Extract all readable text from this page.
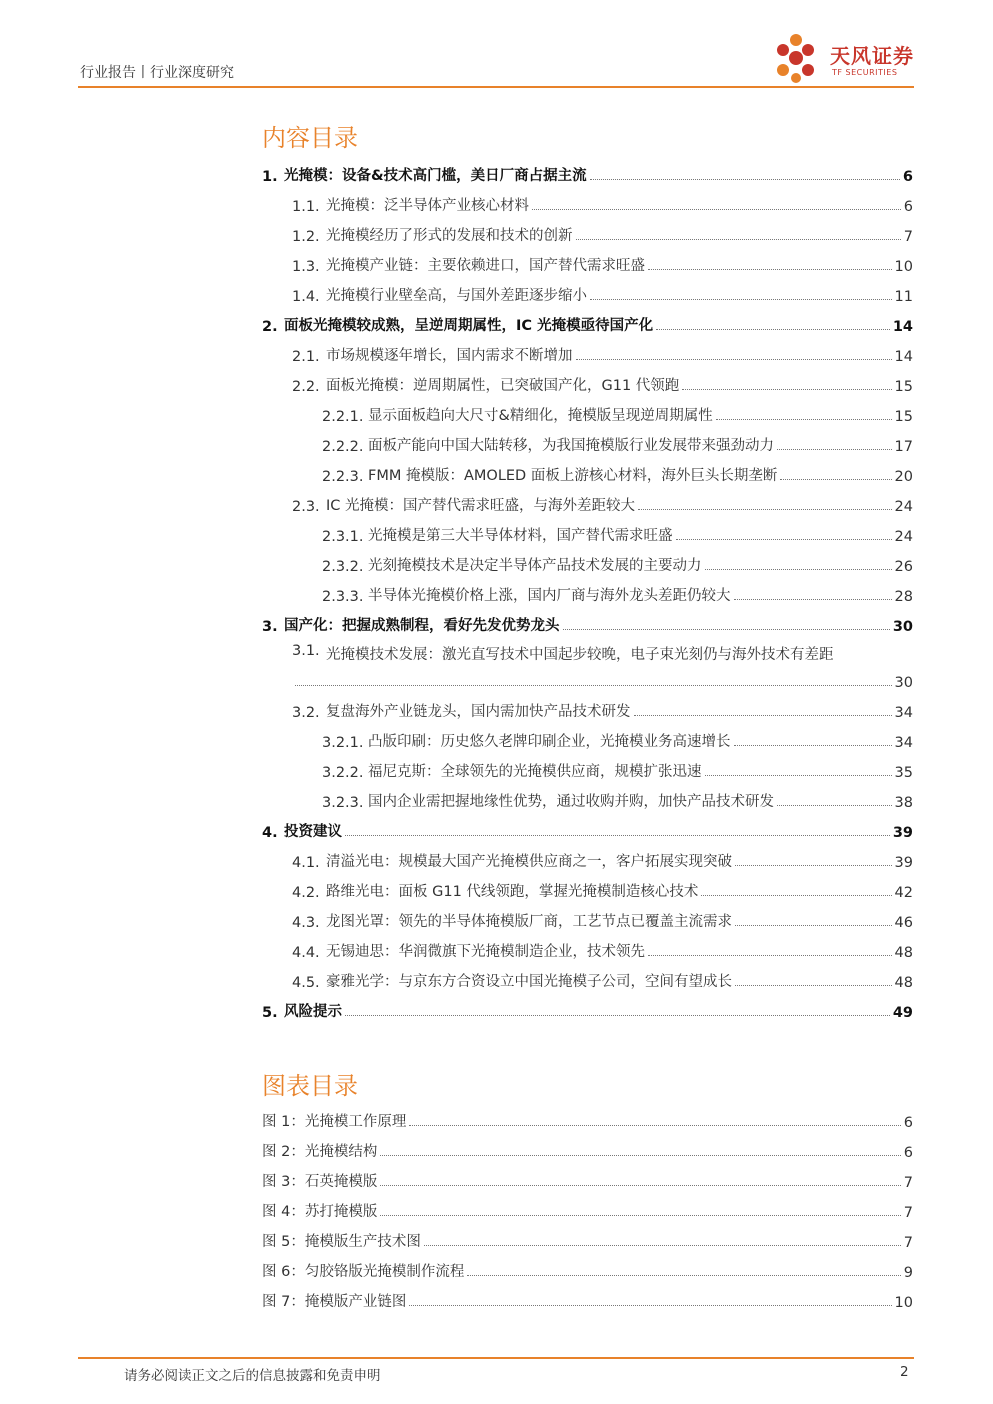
行业报告丨行业深度研究
天风证券
TF SECURITIES
内容目录
1. 光掩模：设备&技术高门槛，美日厂商占据主流	6
1.1. 光掩模：泛半导体产业核心材料	6
1.2. 光掩模经历了形式的发展和技术的创新	7
1.3. 光掩模产业链：主要依赖进口，国产替代需求旺盛	10
1.4. 光掩模行业壁垒高，与国外差距逐步缩小	11
2. 面板光掩模较成熟，呈逆周期属性，IC 光掩模亟待国产化	14
2.1. 市场规模逐年增长，国内需求不断增加	14
2.2. 面板光掩模：逆周期属性，已突破国产化，G11 代领跑	15
2.2.1. 显示面板趋向大尺寸&精细化，掩模版呈现逆周期属性	15
2.2.2. 面板产能向中国大陆转移，为我国掩模版行业发展带来强劲动力	17
2.2.3. FMM 掩模版：AMOLED 面板上游核心材料，海外巨头长期垄断	20
2.3. IC 光掩模：国产替代需求旺盛，与海外差距较大	24
2.3.1. 光掩模是第三大半导体材料，国产替代需求旺盛	24
2.3.2. 光刻掩模技术是决定半导体产品技术发展的主要动力	26
2.3.3. 半导体光掩模价格上涨，国内厂商与海外龙头差距仍较大	28
3. 国产化：把握成熟制程，看好先发优势龙头	30
3.1. 光掩模技术发展：激光直写技术中国起步较晚，电子束光刻仍与海外技术有差距
30
3.2. 复盘海外产业链龙头，国内需加快产品技术研发	34
3.2.1. 凸版印刷：历史悠久老牌印刷企业，光掩模业务高速增长	34
3.2.2. 福尼克斯：全球领先的光掩模供应商，规模扩张迅速	35
3.2.3. 国内企业需把握地缘性优势，通过收购并购，加快产品技术研发	38
4. 投资建议	39
4.1. 清溢光电：规模最大国产光掩模供应商之一，客户拓展实现突破	39
4.2. 路维光电：面板 G11 代线领跑，掌握光掩模制造核心技术	42
4.3. 龙图光罩：领先的半导体掩模版厂商，工艺节点已覆盖主流需求	46
4.4. 无锡迪思：华润微旗下光掩模制造企业，技术领先	48
4.5. 豪雅光学：与京东方合资设立中国光掩模子公司，空间有望成长	48
5. 风险提示	49
图表目录
图 1：光掩模工作原理	6
图 2：光掩模结构	6
图 3：石英掩模版	7
图 4：苏打掩模版	7
图 5：掩模版生产技术图	7
图 6：匀胶铬版光掩模制作流程	9
图 7：掩模版产业链图	10
请务必阅读正文之后的信息披露和免责申明	2
